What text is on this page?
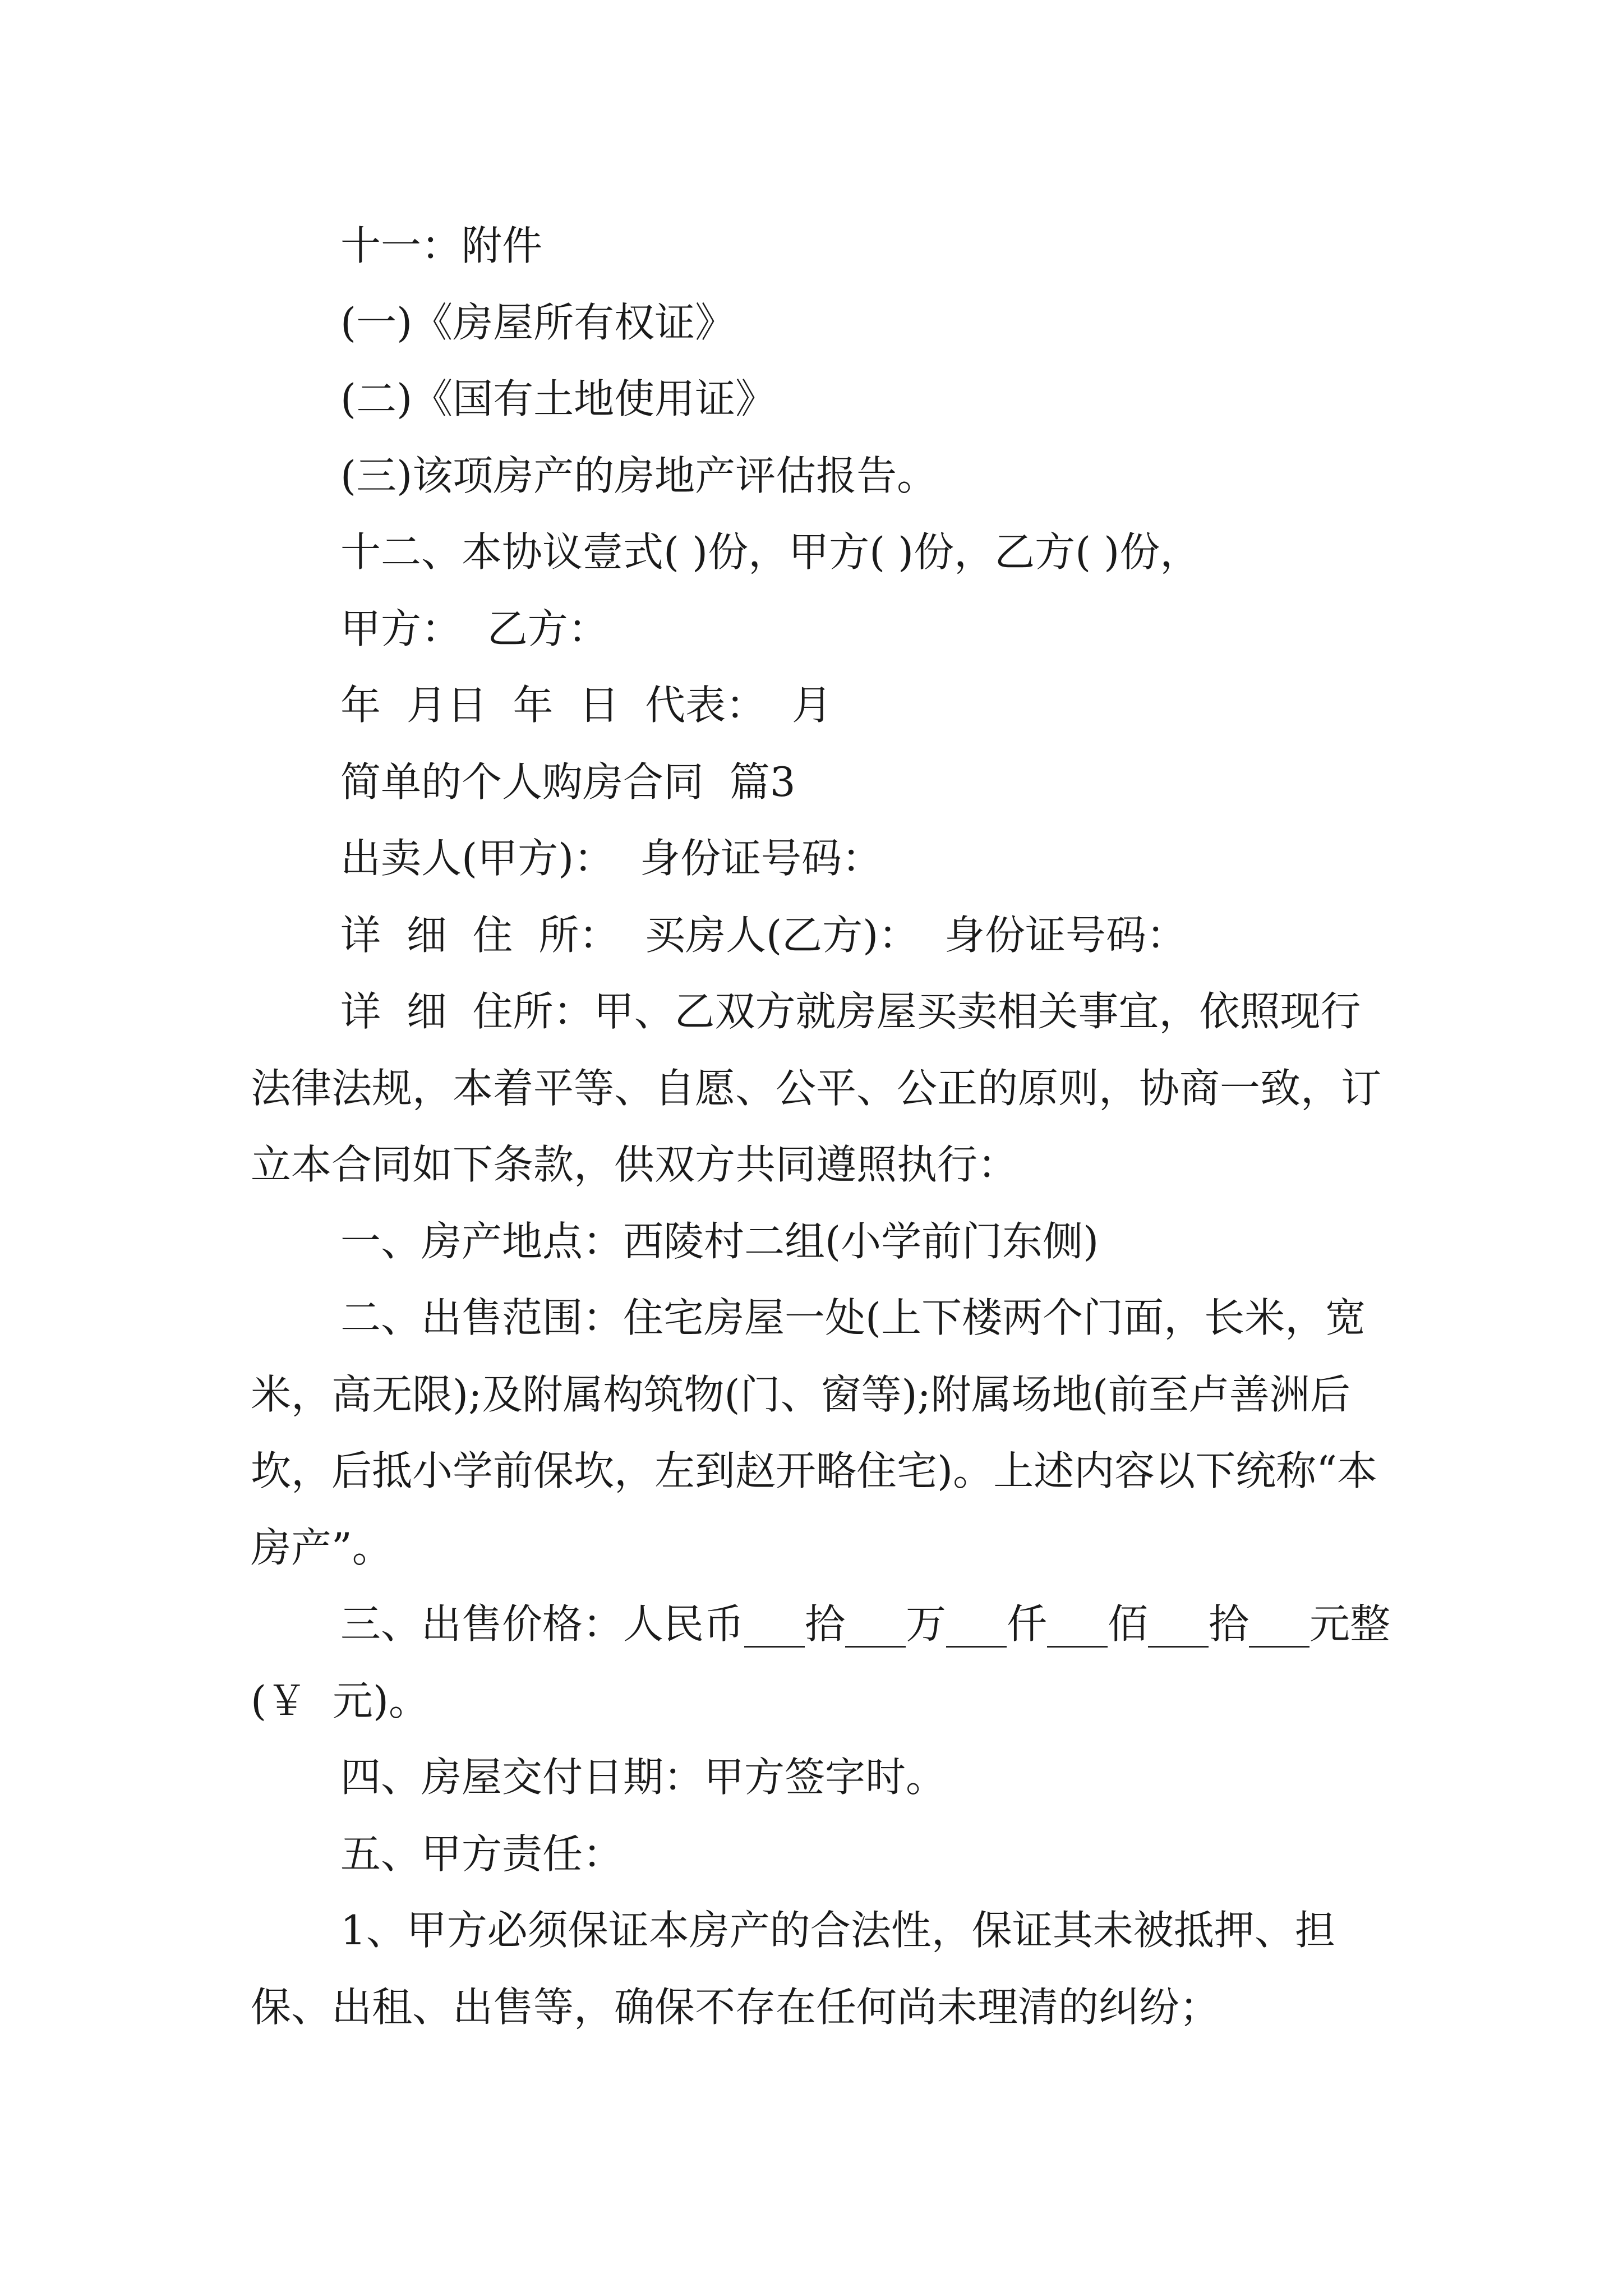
十一：附件

(一)《房屋所有权证》

(二)《国有土地使用证》

(三)该项房产的房地产评估报告。

十二、本协议壹式( )份，甲方( )份，乙方( )份，

甲方：  乙方：

年  月日  年  日  代表：  月

简单的个人购房合同  篇3

出卖人(甲方)：  身份证号码：

详  细  住  所：  买房人(乙方)：  身份证号码：

详  细  住所：甲、乙双方就房屋买卖相关事宜，依照现行法律法规，本着平等、自愿、公平、公正的原则，协商一致，订立本合同如下条款，供双方共同遵照执行：

一、房产地点：西陵村二组(小学前门东侧)

二、出售范围：住宅房屋一处(上下楼两个门面，长米，宽米，高无限);及附属构筑物(门、窗等);附属场地(前至卢善洲后坎，后抵小学前保坎，左到赵开略住宅)。上述内容以下统称“本房产”。

三、出售价格：人民币___拾___万___仟___佰___拾___元整(￥  元)。

四、房屋交付日期：甲方签字时。

五、甲方责任：

1、甲方必须保证本房产的合法性，保证其未被抵押、担保、出租、出售等，确保不存在任何尚未理清的纠纷；
